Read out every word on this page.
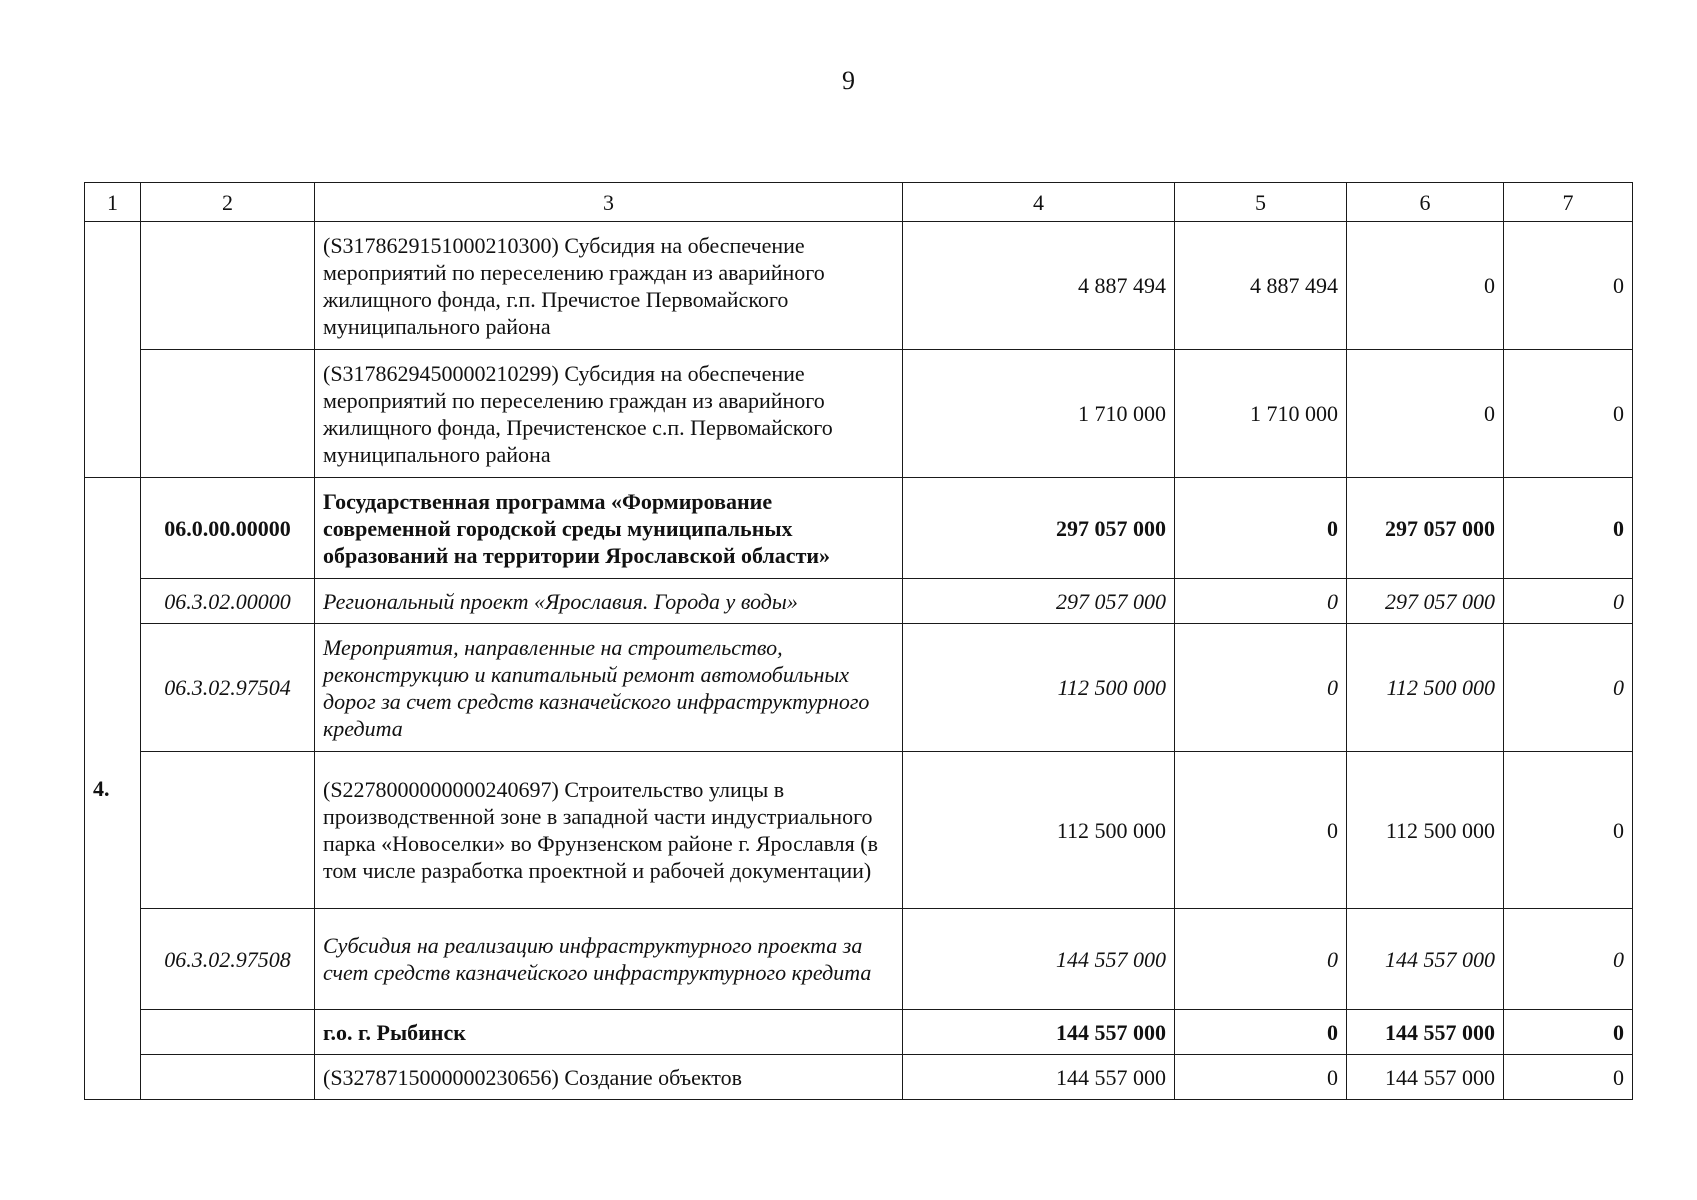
9
1	2	3	4	5	6	7
		(S3178629151000210300) Субсидия на обеспечение мероприятий по переселению граждан из аварийного жилищного фонда, г.п. Пречистое Первомайского муниципального района	4 887 494	4 887 494	0	0
		(S3178629450000210299) Субсидия на обеспечение мероприятий по переселению граждан из аварийного жилищного фонда, Пречистенское с.п. Первомайского муниципального района	1 710 000	1 710 000	0	0
4.	06.0.00.00000	Государственная программа «Формирование современной городской среды муниципальных образований на территории Ярославской области»	297 057 000	0	297 057 000	0
	06.3.02.00000	Региональный проект «Ярославия. Города у воды»	297 057 000	0	297 057 000	0
	06.3.02.97504	Мероприятия, направленные на строительство, реконструкцию и капитальный ремонт автомобильных дорог за счет средств казначейского инфраструктурного кредита	112 500 000	0	112 500 000	0
		(S2278000000000240697) Строительство улицы в производственной зоне в западной части индустриального парка «Новоселки» во Фрунзенском районе г. Ярославля (в том числе разработка проектной и рабочей документации)	112 500 000	0	112 500 000	0
	06.3.02.97508	Субсидия на реализацию инфраструктурного проекта за счет средств казначейского инфраструктурного кредита	144 557 000	0	144 557 000	0
		г.о. г. Рыбинск	144 557 000	0	144 557 000	0
		(S3278715000000230656) Создание объектов	144 557 000	0	144 557 000	0
